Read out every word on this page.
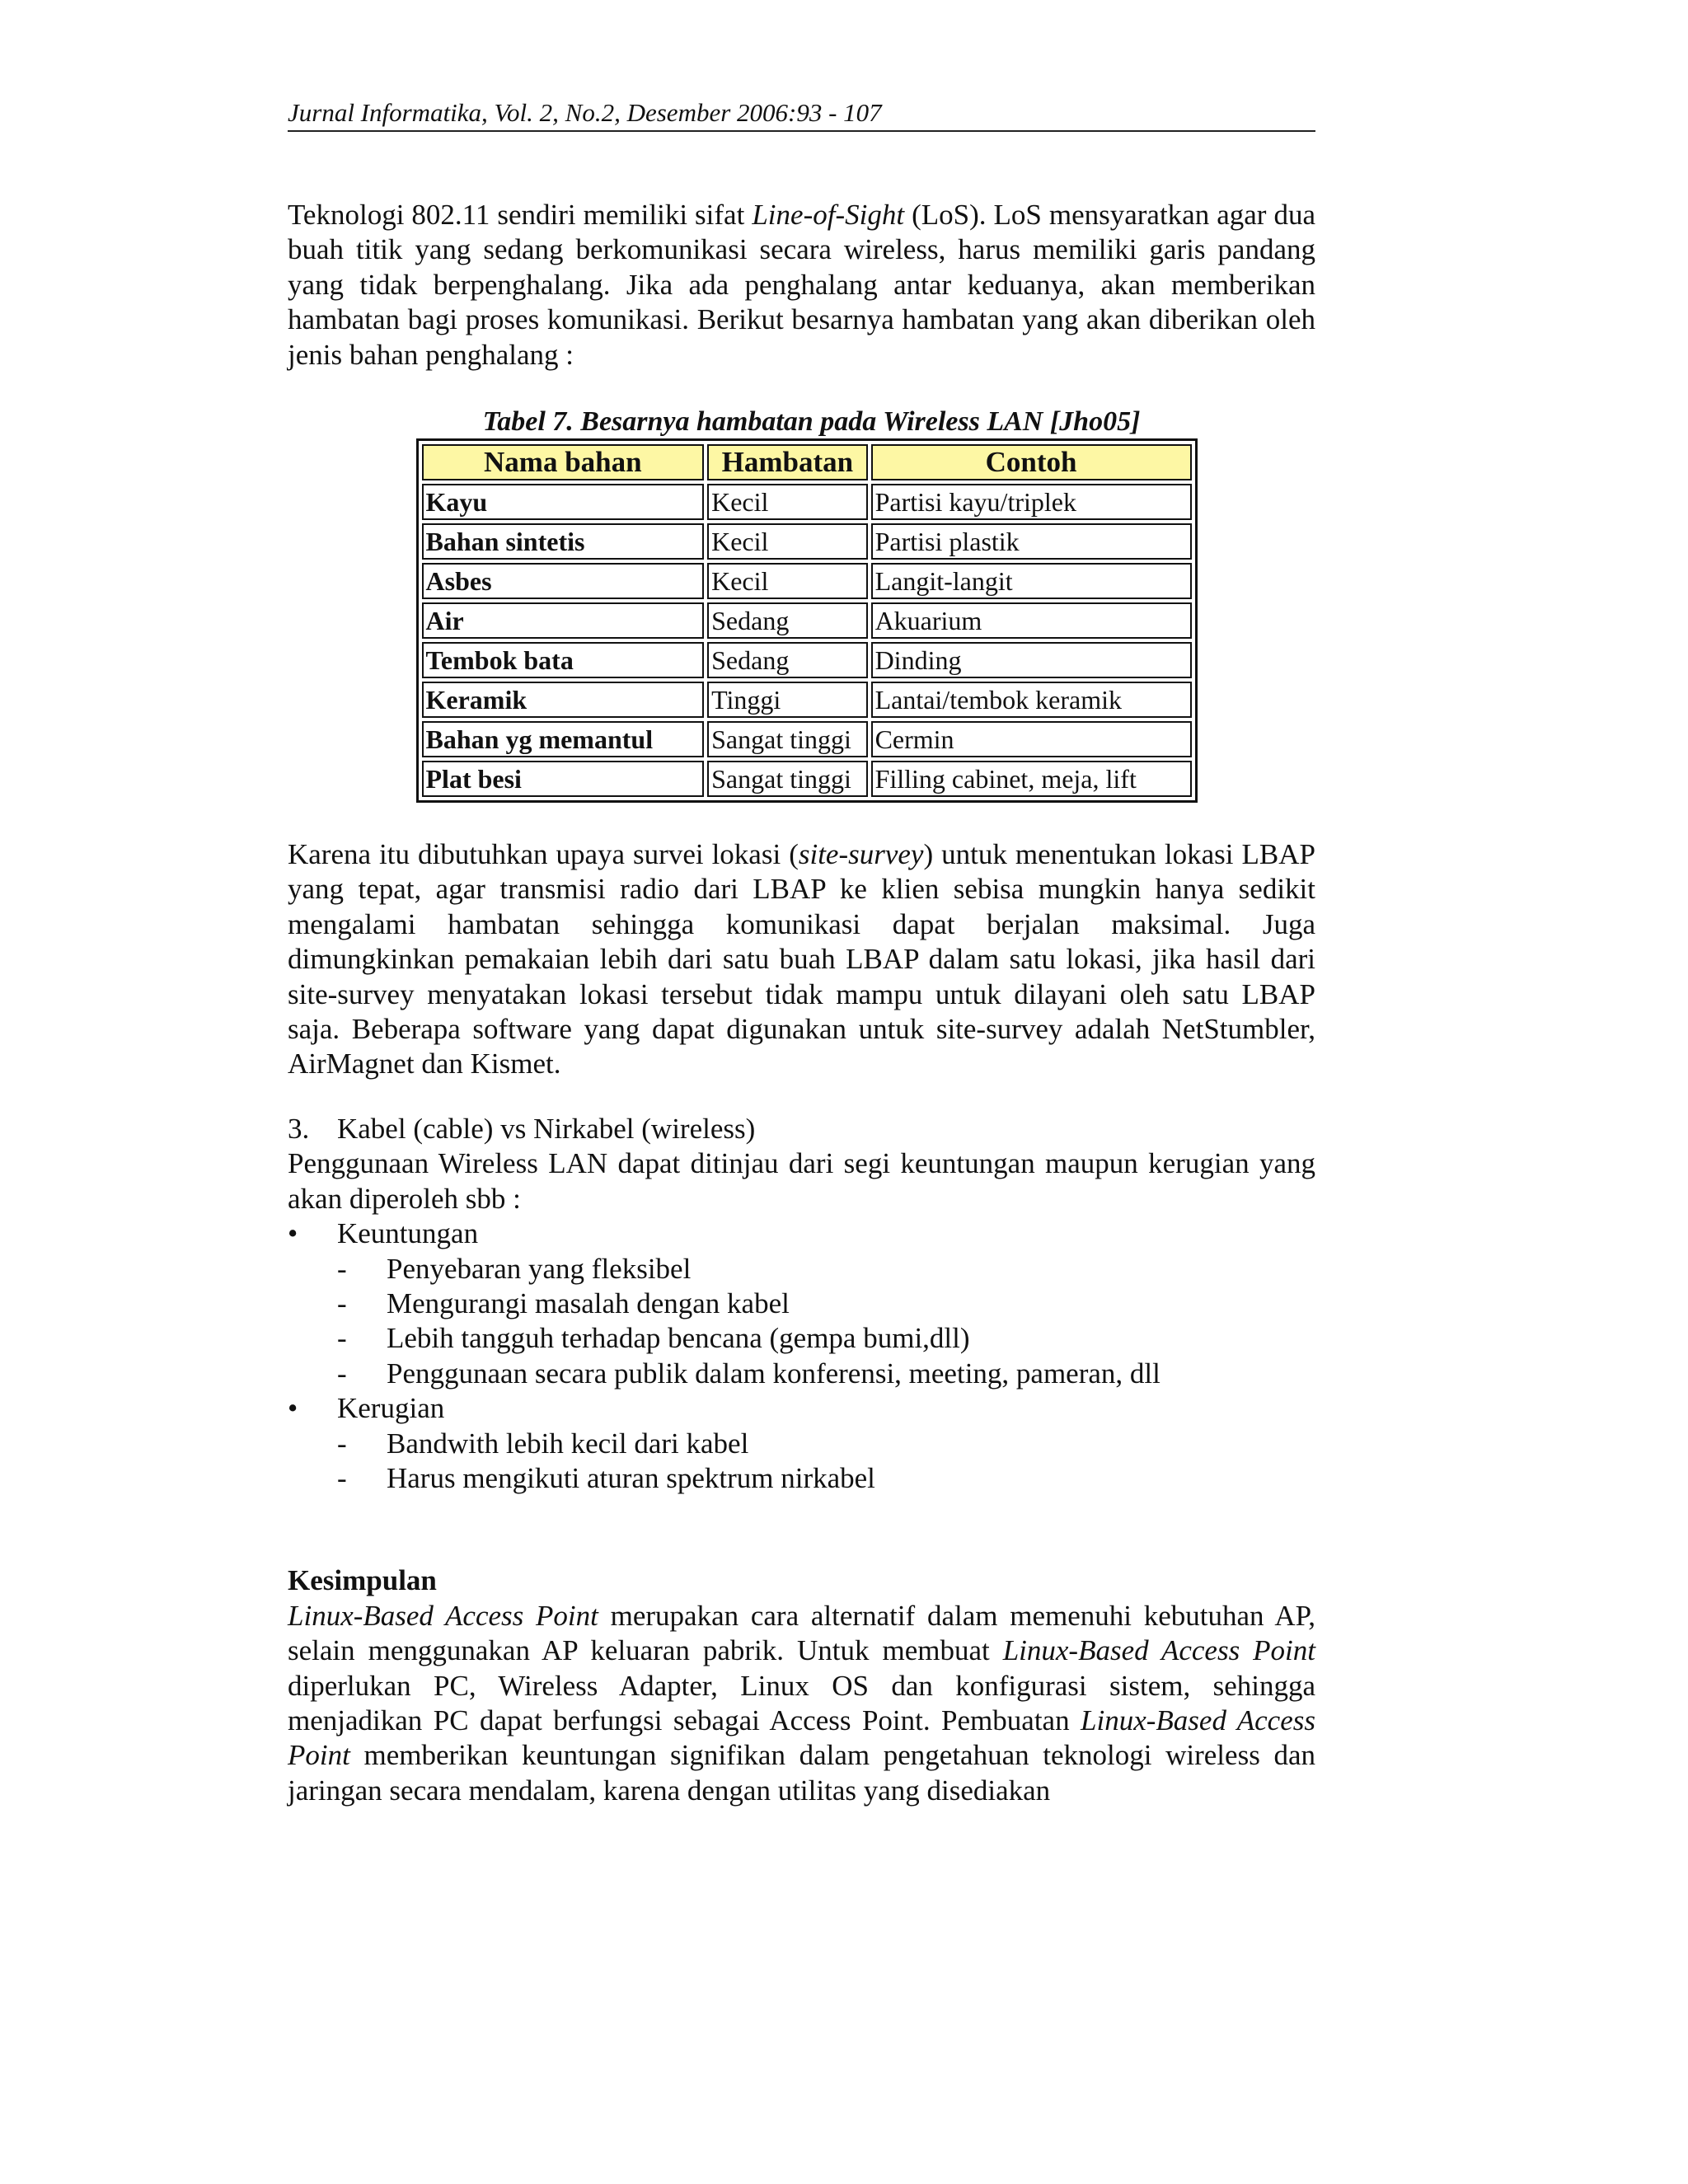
Jurnal Informatika, Vol. 2, No.2, Desember 2006:93 - 107

Teknologi 802.11 sendiri memiliki sifat Line-of-Sight (LoS). LoS mensyaratkan agar dua buah titik yang sedang berkomunikasi secara wireless, harus memiliki garis pandang yang tidak berpenghalang. Jika ada penghalang antar keduanya, akan memberikan hambatan bagi proses komunikasi. Berikut besarnya hambatan yang akan diberikan oleh jenis bahan penghalang :

Tabel 7. Besarnya hambatan pada Wireless LAN [Jho05]
Nama bahan	Hambatan	Contoh
Kayu	Kecil	Partisi kayu/triplek
Bahan sintetis	Kecil	Partisi plastik
Asbes	Kecil	Langit-langit
Air	Sedang	Akuarium
Tembok bata	Sedang	Dinding
Keramik	Tinggi	Lantai/tembok keramik
Bahan yg memantul	Sangat tinggi	Cermin
Plat besi	Sangat tinggi	Filling cabinet, meja, lift

Karena itu dibutuhkan upaya survei lokasi (site-survey) untuk menentukan lokasi LBAP yang tepat, agar transmisi radio dari LBAP ke klien sebisa mungkin hanya sedikit mengalami hambatan sehingga komunikasi dapat berjalan maksimal. Juga dimungkinkan pemakaian lebih dari satu buah LBAP dalam satu lokasi, jika hasil dari site-survey menyatakan lokasi tersebut tidak mampu untuk dilayani oleh satu LBAP saja. Beberapa software yang dapat digunakan untuk site-survey adalah NetStumbler, AirMagnet dan Kismet.

3. Kabel (cable) vs Nirkabel (wireless)

Penggunaan Wireless LAN dapat ditinjau dari segi keuntungan maupun kerugian yang akan diperoleh sbb :

•	Keuntungan
-	Penyebaran yang fleksibel
-	Mengurangi masalah dengan kabel
-	Lebih tangguh terhadap bencana (gempa bumi,dll)
-	Penggunaan secara publik dalam konferensi, meeting, pameran, dll
•	Kerugian
-	Bandwith lebih kecil dari kabel
-	Harus mengikuti aturan spektrum nirkabel
Kesimpulan

Linux-Based Access Point merupakan cara alternatif dalam memenuhi kebutuhan AP, selain menggunakan AP keluaran pabrik. Untuk membuat Linux-Based Access Point diperlukan PC, Wireless Adapter, Linux OS dan konfigurasi sistem, sehingga menjadikan PC dapat berfungsi sebagai Access Point. Pembuatan Linux-Based Access Point memberikan keuntungan signifikan dalam pengetahuan teknologi wireless dan jaringan secara mendalam, karena dengan utilitas yang disediakan
